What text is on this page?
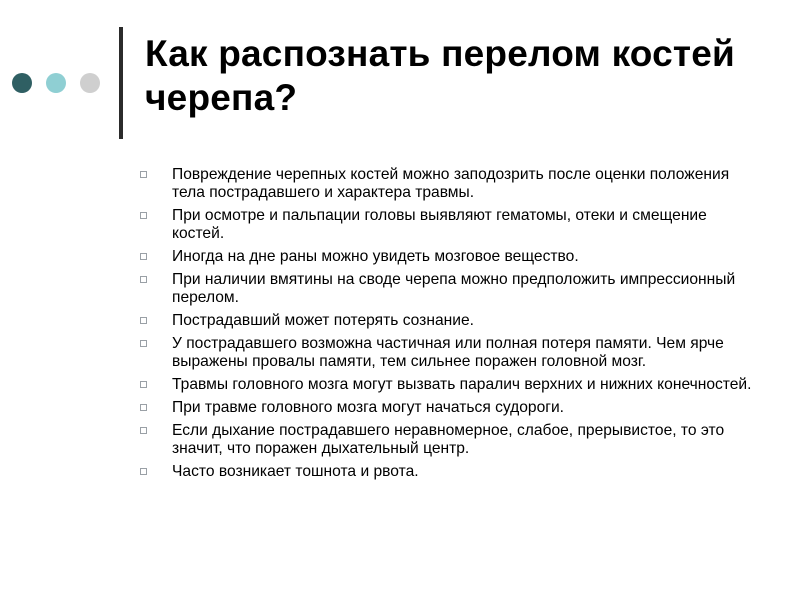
Как распознать перелом костей черепа?
Повреждение черепных костей можно заподозрить после оценки положения тела пострадавшего и характера травмы.
При осмотре и пальпации головы выявляют гематомы, отеки и смещение костей.
Иногда на дне раны можно увидеть мозговое вещество.
При наличии вмятины на своде черепа можно предположить импрессионный перелом.
Пострадавший может потерять сознание.
У пострадавшего возможна частичная или полная потеря памяти. Чем ярче выражены провалы памяти, тем сильнее поражен головной мозг.
Травмы головного мозга могут вызвать паралич верхних и нижних конечностей.
При травме головного мозга могут начаться судороги.
Если дыхание пострадавшего неравномерное, слабое, прерывистое, то это значит, что поражен дыхательный центр.
Часто возникает тошнота и рвота.
